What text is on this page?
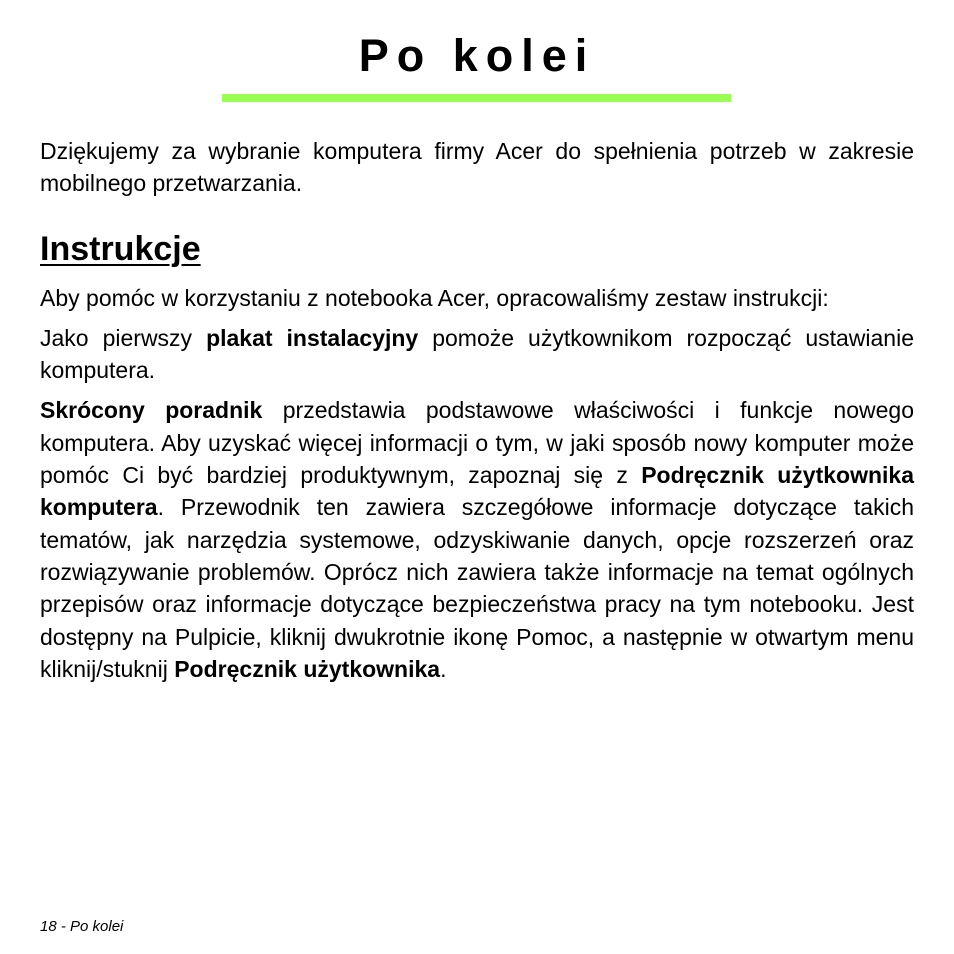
Po kolei

Dziękujemy za wybranie komputera firmy Acer do spełnienia potrzeb w zakresie mobilnego przetwarzania.

Instrukcje

Aby pomóc w korzystaniu z notebooka Acer, opracowaliśmy zestaw instrukcji:

Jako pierwszy plakat instalacyjny pomoże użytkownikom rozpocząć ustawianie komputera.

Skrócony poradnik przedstawia podstawowe właściwości i funkcje nowego komputera. Aby uzyskać więcej informacji o tym, w jaki sposób nowy komputer może pomóc Ci być bardziej produktywnym, zapoznaj się z Podręcznik użytkownika komputera. Przewodnik ten zawiera szczegółowe informacje dotyczące takich tematów, jak narzędzia systemowe, odzyskiwanie danych, opcje rozszerzeń oraz rozwiązywanie problemów. Oprócz nich zawiera także informacje na temat ogólnych przepisów oraz informacje dotyczące bezpieczeństwa pracy na tym notebooku. Jest dostępny na Pulpicie, kliknij dwukrotnie ikonę Pomoc, a następnie w otwartym menu kliknij/stuknij Podręcznik użytkownika.

18 - Po kolei
